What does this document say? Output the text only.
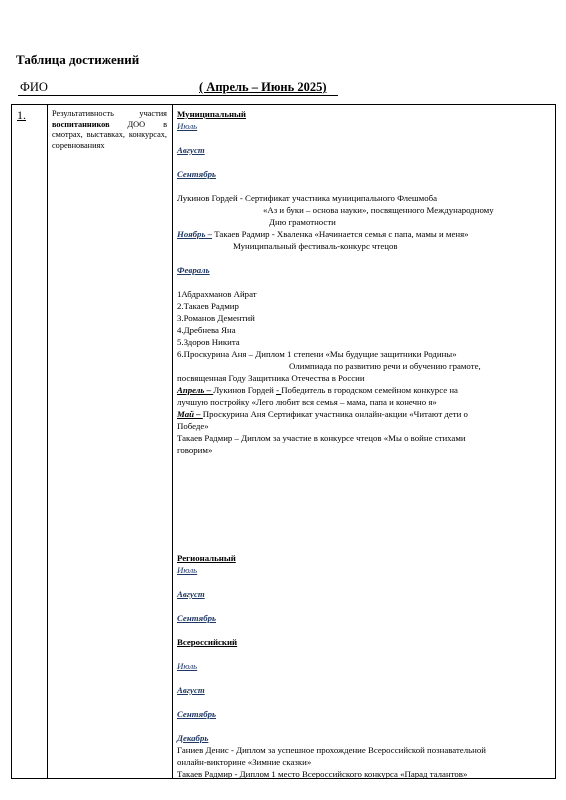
Таблица достижений
ФИО	( Апрель – Июнь 2025)
1.	Результативность участия воспитанников ДОО в смотрах, выставках, конкурсах, соревнованиях
Муниципальный
Июль
Август
Сентябрь
Лукинов Гордей - Сертификат участника муниципального Флешмоба
«Аз и буки – основа науки», посвященного Международному
Дню грамотности
Ноябрь – Такаев Радмир - Хваленка «Начинается семья с папа, мамы и меня»
Муниципальный фестиваль-конкурс чтецов
Февраль
1Абдрахманов Айрат
2.Такаев Радмир
3.Романов Дементий
4.Дребнева Яна
5.Здоров Никита
6.Проскурина Аня – Диплом 1 степени «Мы будущие защитники Родины»
Олимпиада по развитию речи и обучению грамоте,
посвященная Году Защитника Отечества в России
Апрель – Лукинов Гордей - Победитель в городском семейном конкурсе на
лучшую постройку «Лего любит вся семья – мама, папа и конечно я»
Май – Проскурина Аня Сертификат участника онлайн-акции «Читают дети о
Победе»
Такаев Радмир – Диплом за участие в конкурсе чтецов «Мы о войне стихами
говорим»
Региональный
Июль
Август
Сентябрь
Всероссийский
Июль
Август
Сентябрь
Декабрь
Ганиев Денис - Диплом за успешное прохождение Всероссийской познавательной
онлайн-викторине «Зимние сказки»
Такаев Радмир - Диплом 1 место Всероссийского конкурса «Парад талантов»
